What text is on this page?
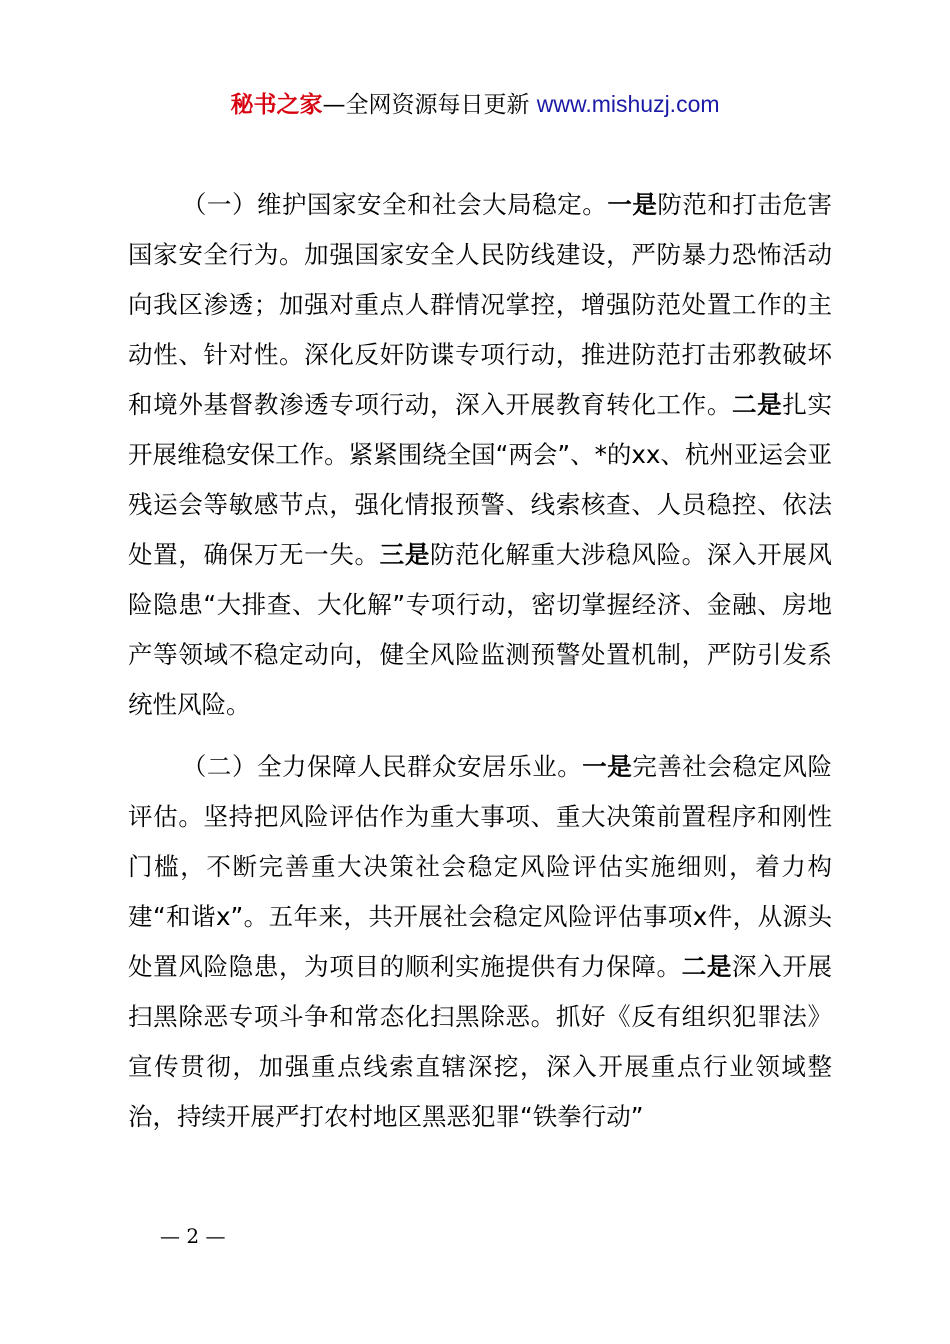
秘书之家—全网资源每日更新 www.mishuzj.com

（一）维护国家安全和社会大局稳定。一是防范和打击危害国家安全行为。加强国家安全人民防线建设，严防暴力恐怖活动向我区渗透；加强对重点人群情况掌控，增强防范处置工作的主动性、针对性。深化反奸防谍专项行动，推进防范打击邪教破坏和境外基督教渗透专项行动，深入开展教育转化工作。二是扎实开展维稳安保工作。紧紧围绕全国“两会”、*的xx、杭州亚运会亚残运会等敏感节点，强化情报预警、线索核查、人员稳控、依法处置，确保万无一失。三是防范化解重大涉稳风险。深入开展风险隐患“大排查、大化解”专项行动，密切掌握经济、金融、房地产等领域不稳定动向，健全风险监测预警处置机制，严防引发系统性风险。

（二）全力保障人民群众安居乐业。一是完善社会稳定风险评估。坚持把风险评估作为重大事项、重大决策前置程序和刚性门槛，不断完善重大决策社会稳定风险评估实施细则，着力构建“和谐x”。五年来，共开展社会稳定风险评估事项x件，从源头处置风险隐患，为项目的顺利实施提供有力保障。二是深入开展扫黑除恶专项斗争和常态化扫黑除恶。抓好《反有组织犯罪法》宣传贯彻，加强重点线索直辖深挖，深入开展重点行业领域整治，持续开展严打农村地区黑恶犯罪“铁拳行动”

— 2 —
